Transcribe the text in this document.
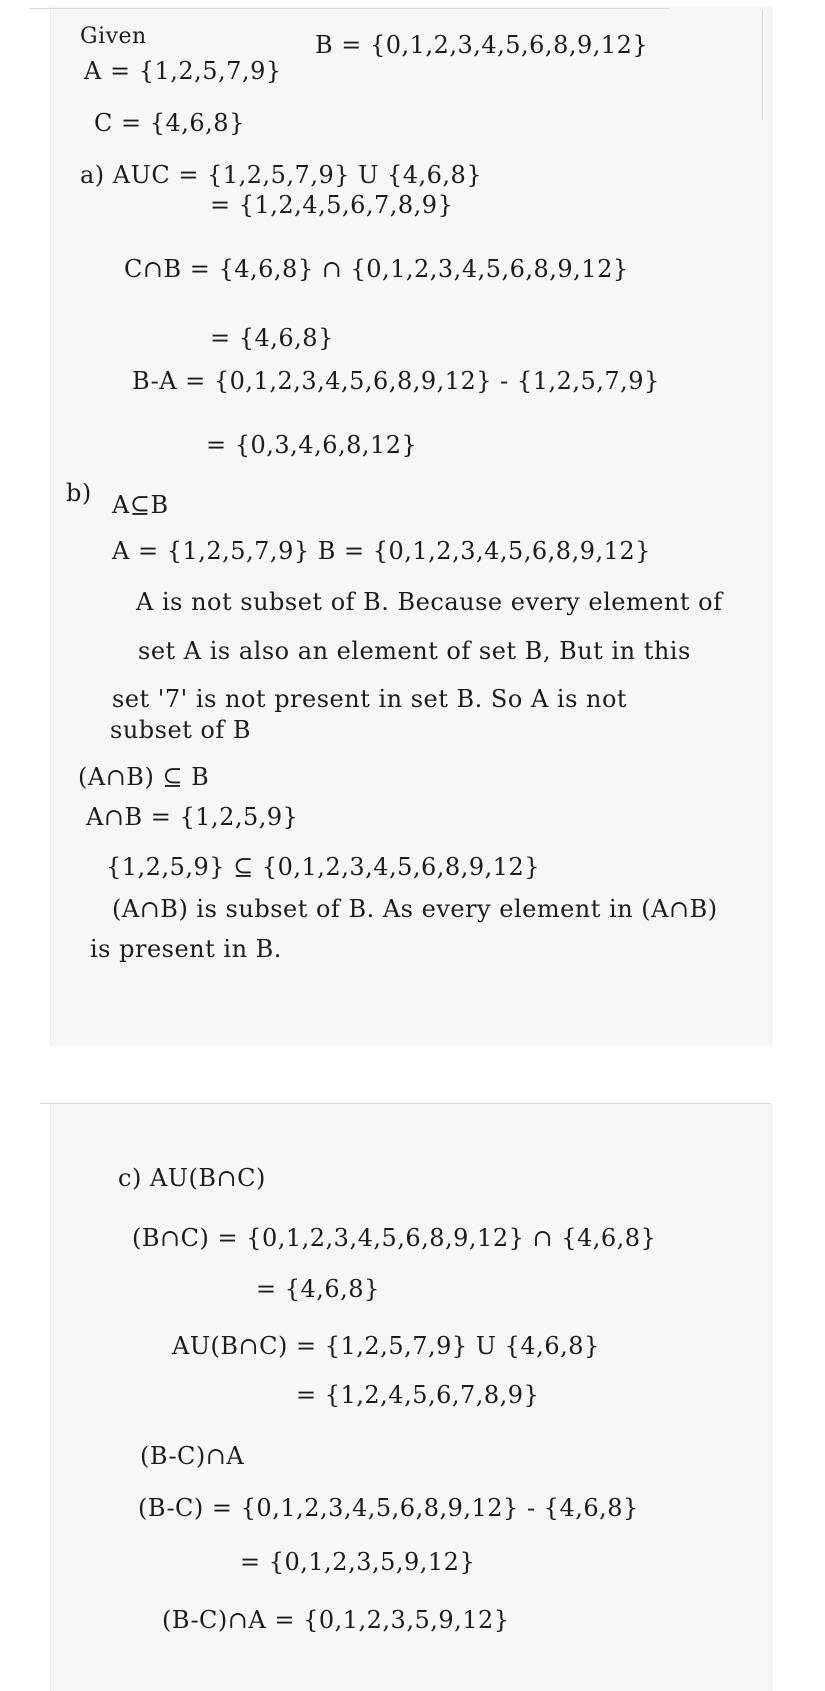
Given
A = {1,2,5,7,9}
B = {0,1,2,3,4,5,6,8,9,12}
C = {4,6,8}
a) AUC = {1,2,5,7,9} U {4,6,8}
= {1,2,4,5,6,7,8,9}
C∩B = {4,6,8} ∩ {0,1,2,3,4,5,6,8,9,12}
= {4,6,8}
B-A = {0,1,2,3,4,5,6,8,9,12} - {1,2,5,7,9}
= {0,3,4,6,8,12}
b) A⊆B
A = {1,2,5,7,9} B = {0,1,2,3,4,5,6,8,9,12}
A is not subset of B. Because every element of
set A is also an element of set B, But in this
set '7' is not present in set B. So A is not
subset of B
(A∩B) ⊆ B
A∩B = {1,2,5,9}
{1,2,5,9} ⊆ {0,1,2,3,4,5,6,8,9,12}
(A∩B) is subset of B. As every element in (A∩B)
is present in B.
c) AU(B∩C)
(B∩C) = {0,1,2,3,4,5,6,8,9,12} ∩ {4,6,8}
= {4,6,8}
AU(B∩C) = {1,2,5,7,9} U {4,6,8}
= {1,2,4,5,6,7,8,9}
(B-C)∩A
(B-C) = {0,1,2,3,4,5,6,8,9,12} - {4,6,8}
= {0,1,2,3,5,9,12}
(B-C)∩A = {0,1,2,3,5,9,12}
